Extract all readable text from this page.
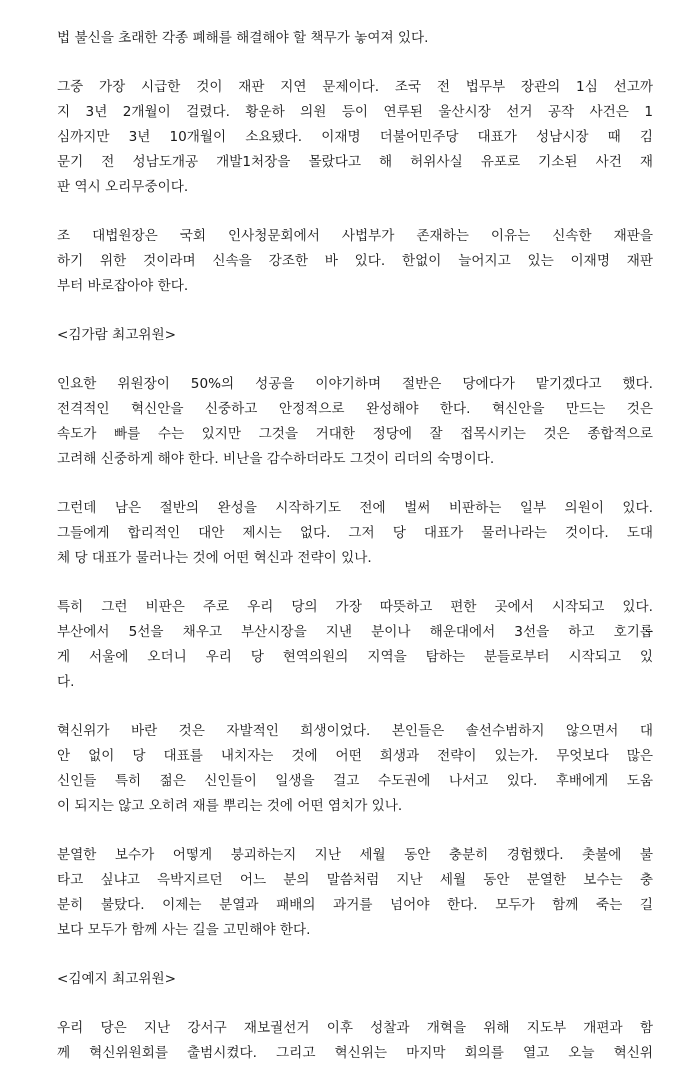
법 불신을 초래한 각종 폐해를 해결해야 할 책무가 놓여져 있다.
그중 가장 시급한 것이 재판 지연 문제이다. 조국 전 법무부 장관의 1심 선고까
지 3년 2개월이 걸렸다. 황운하 의원 등이 연루된 울산시장 선거 공작 사건은 1
심까지만 3년 10개월이 소요됐다. 이재명 더불어민주당 대표가 성남시장 때 김
문기 전 성남도개공 개발1처장을 몰랐다고 해 허위사실 유포로 기소된 사건 재
판 역시 오리무중이다.
조 대법원장은 국회 인사청문회에서 사법부가 존재하는 이유는 신속한 재판을
하기 위한 것이라며 신속을 강조한 바 있다. 한없이 늘어지고 있는 이재명 재판
부터 바로잡아야 한다.
<김가람 최고위원>
인요한 위원장이 50%의 성공을 이야기하며 절반은 당에다가 맡기겠다고 했다.
전격적인 혁신안을 신중하고 안정적으로 완성해야 한다. 혁신안을 만드는 것은
속도가 빠를 수는 있지만 그것을 거대한 정당에 잘 접목시키는 것은 종합적으로
고려해 신중하게 해야 한다. 비난을 감수하더라도 그것이 리더의 숙명이다.
그런데 남은 절반의 완성을 시작하기도 전에 벌써 비판하는 일부 의원이 있다.
그들에게 합리적인 대안 제시는 없다. 그저 당 대표가 물러나라는 것이다. 도대
체 당 대표가 물러나는 것에 어떤 혁신과 전략이 있나.
특히 그런 비판은 주로 우리 당의 가장 따뜻하고 편한 곳에서 시작되고 있다.
부산에서 5선을 채우고 부산시장을 지낸 분이나 해운대에서 3선을 하고 호기롭
게 서울에 오더니 우리 당 현역의원의 지역을 탐하는 분들로부터 시작되고 있
다.
혁신위가 바란 것은 자발적인 희생이었다. 본인들은 솔선수범하지 않으면서 대
안 없이 당 대표를 내치자는 것에 어떤 희생과 전략이 있는가. 무엇보다 많은
신인들 특히 젊은 신인들이 일생을 걸고 수도권에 나서고 있다. 후배에게 도움
이 되지는 않고 오히려 재를 뿌리는 것에 어떤 염치가 있나.
분열한 보수가 어떻게 붕괴하는지 지난 세월 동안 충분히 경험했다. 촛불에 불
타고 싶냐고 윽박지르던 어느 분의 말씀처럼 지난 세월 동안 분열한 보수는 충
분히 불탔다. 이제는 분열과 패배의 과거를 넘어야 한다. 모두가 함께 죽는 길
보다 모두가 함께 사는 길을 고민해야 한다.
<김예지 최고위원>
우리 당은 지난 강서구 재보궐선거 이후 성찰과 개혁을 위해 지도부 개편과 함
께 혁신위원회를 출범시켰다. 그리고 혁신위는 마지막 회의를 열고 오늘 혁신위
